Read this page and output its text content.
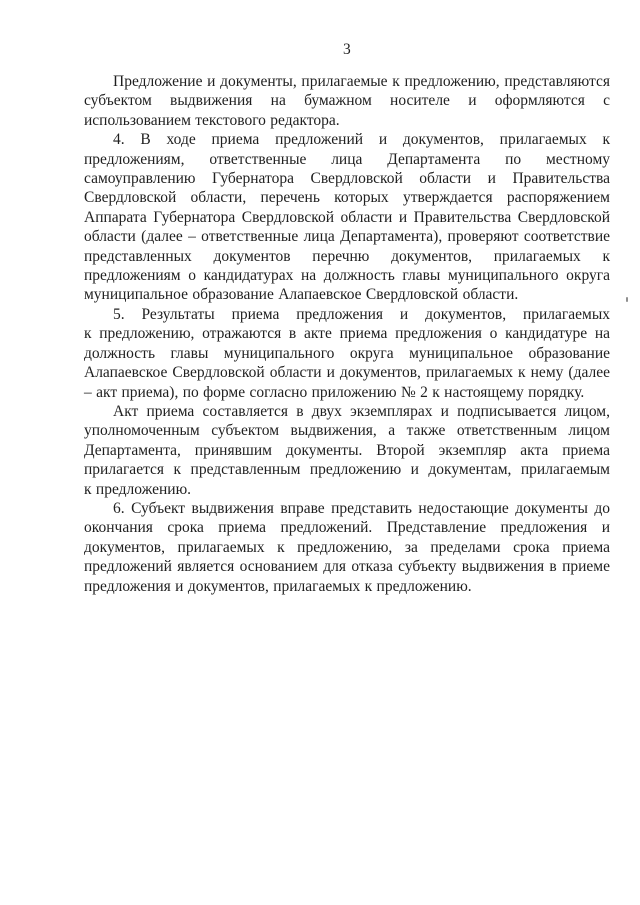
3

Предложение и документы, прилагаемые к предложению, представляются субъектом выдвижения на бумажном носителе и оформляются с использованием текстового редактора.

4. В ходе приема предложений и документов, прилагаемых к предложениям, ответственные лица Департамента по местному самоуправлению Губернатора Свердловской области и Правительства Свердловской области, перечень которых утверждается распоряжением Аппарата Губернатора Свердловской области и Правительства Свердловской области (далее – ответственные лица Департамента), проверяют соответствие представленных документов перечню документов, прилагаемых к предложениям о кандидатурах на должность главы муниципального округа муниципальное образование Алапаевское Свердловской области.

5. Результаты приема предложения и документов, прилагаемых к предложению, отражаются в акте приема предложения о кандидатуре на должность главы муниципального округа муниципальное образование Алапаевское Свердловской области и документов, прилагаемых к нему (далее – акт приема), по форме согласно приложению № 2 к настоящему порядку.

Акт приема составляется в двух экземплярах и подписывается лицом, уполномоченным субъектом выдвижения, а также ответственным лицом Департамента, принявшим документы. Второй экземпляр акта приема прилагается к представленным предложению и документам, прилагаемым к предложению.

6. Субъект выдвижения вправе представить недостающие документы до окончания срока приема предложений. Представление предложения и документов, прилагаемых к предложению, за пределами срока приема предложений является основанием для отказа субъекту выдвижения в приеме предложения и документов, прилагаемых к предложению.
